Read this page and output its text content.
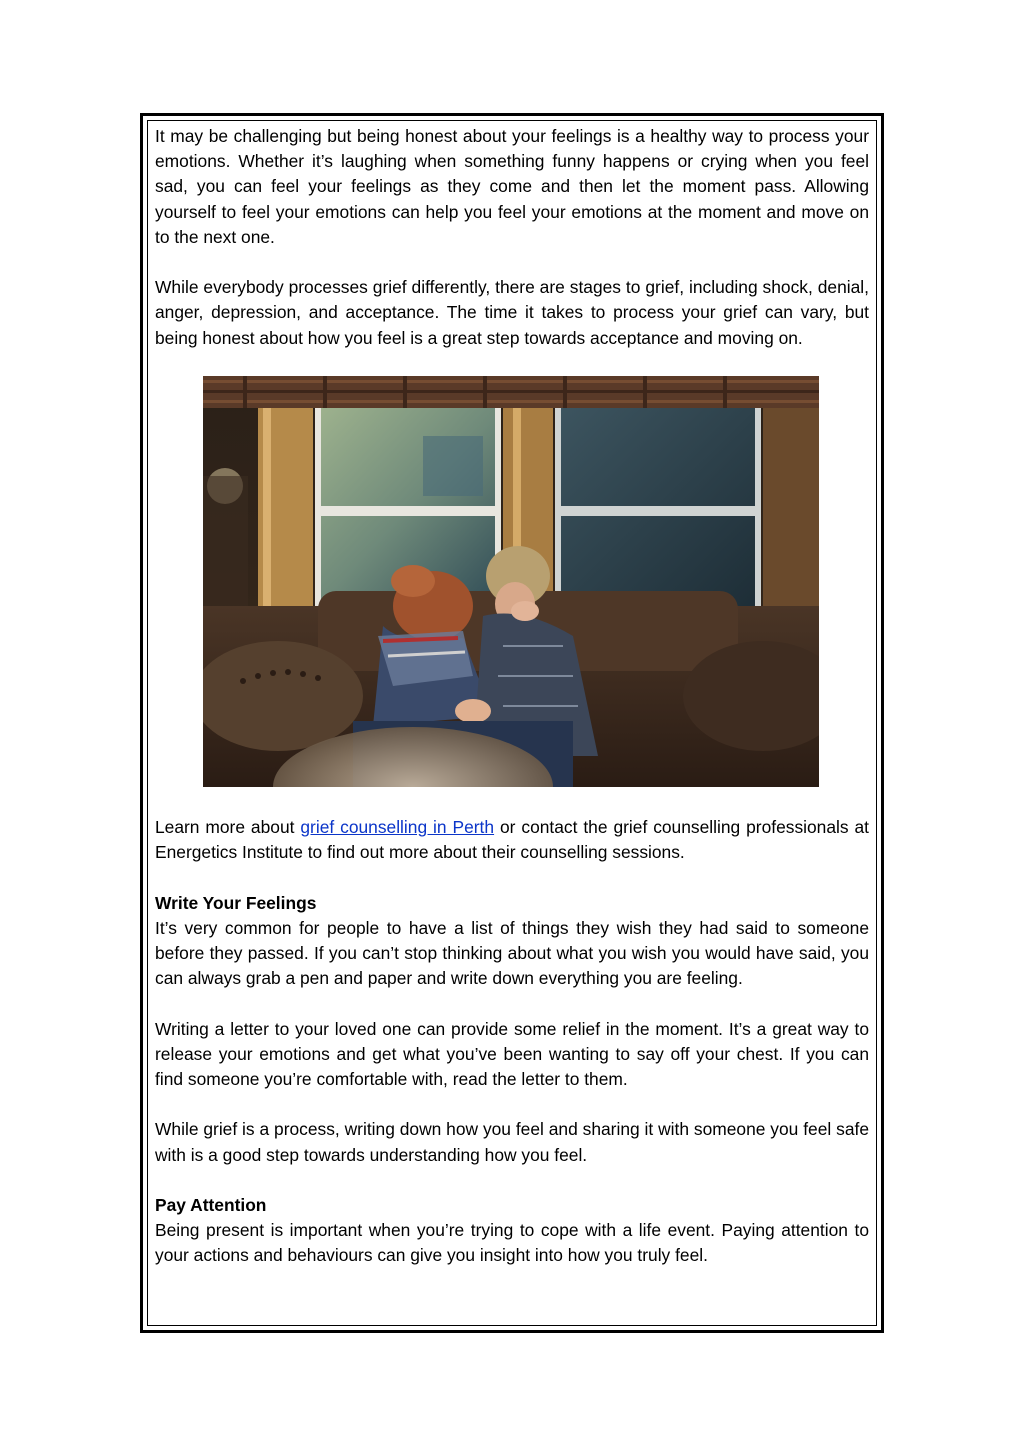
It may be challenging but being honest about your feelings is a healthy way to process your emotions. Whether it’s laughing when something funny happens or crying when you feel sad, you can feel your feelings as they come and then let the moment pass. Allowing yourself to feel your emotions can help you feel your emotions at the moment and move on to the next one.

While everybody processes grief differently, there are stages to grief, including shock, denial, anger, depression, and acceptance. The time it takes to process your grief can vary, but being honest about how you feel is a great step towards acceptance and moving on.

Learn more about grief counselling in Perth or contact the grief counselling professionals at Energetics Institute to find out more about their counselling sessions.

Write Your Feelings

It’s very common for people to have a list of things they wish they had said to someone before they passed. If you can’t stop thinking about what you wish you would have said, you can always grab a pen and paper and write down everything you are feeling.

Writing a letter to your loved one can provide some relief in the moment. It’s a great way to release your emotions and get what you’ve been wanting to say off your chest. If you can find someone you’re comfortable with, read the letter to them.

While grief is a process, writing down how you feel and sharing it with someone you feel safe with is a good step towards understanding how you feel.

Pay Attention

Being present is important when you’re trying to cope with a life event. Paying attention to your actions and behaviours can give you insight into how you truly feel.
